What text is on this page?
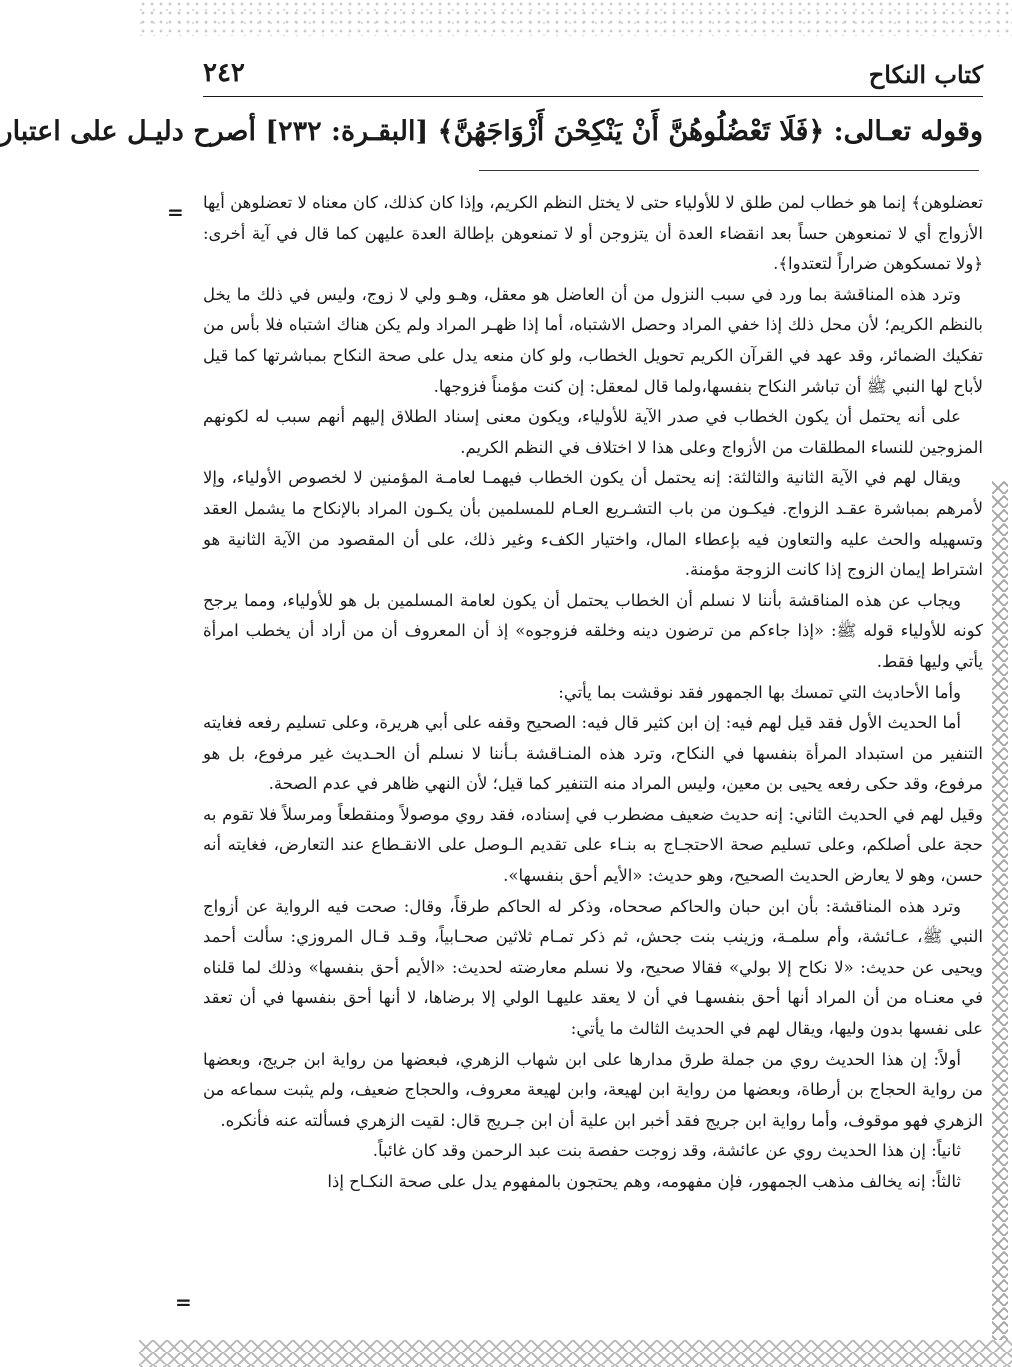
كتاب النكاح
٢٤٢
وقوله تعـالى: ﴿فَلَا تَعْضُلُوهُنَّ أَنْ يَنْكِحْنَ أَزْوَاجَهُنَّ﴾ [البقـرة: ٢٣٢] أصرح دليـل على اعتبار
=
=

تعضلوهن﴾ إنما هو خطاب لمن طلق لا للأولياء حتى لا يختل النظم الكريم، وإذا كان كذلك، كان معناه لا تعضلوهن أيها الأزواج أي لا تمنعوهن حساً بعد انقضاء العدة أن يتزوجن أو لا تمنعوهن بإطالة العدة عليهن كما قال في آية أخرى: ﴿ولا تمسكوهن ضراراً لتعتدوا﴾.

وترد هذه المناقشة بما ورد في سبب النزول من أن العاضل هو معقل، وهـو ولي لا زوج، وليس في ذلك ما يخل بالنظم الكريم؛ لأن محل ذلك إذا خفي المراد وحصل الاشتباه، أما إذا ظهـر المراد ولم يكن هناك اشتباه فلا بأس من تفكيك الضمائر، وقد عهد في القرآن الكريم تحويل الخطاب، ولو كان منعه يدل على صحة النكاح بمباشرتها كما قيل لأباح لها النبي ﷺ أن تباشر النكاح بنفسها،ولما قال لمعقل: إن كنت مؤمناً فزوجها.

على أنه يحتمل أن يكون الخطاب في صدر الآية للأولياء، ويكون معنى إسناد الطلاق إليهم أنهم سبب له لكونهم المزوجين للنساء المطلقات من الأزواج وعلى هذا لا اختلاف في النظم الكريم.

ويقال لهم في الآية الثانية والثالثة: إنه يحتمل أن يكون الخطاب فيهمـا لعامـة المؤمنين لا لخصوص الأولياء، وإلا لأمرهم بمباشرة عقـد الزواج. فيكـون من باب التشـريع العـام للمسلمين بأن يكـون المراد بالإنكاح ما يشمل العقد وتسهيله والحث عليه والتعاون فيه بإعطاء المال، واختيار الكفء وغير ذلك، على أن المقصود من الآية الثانية هو اشتراط إيمان الزوج إذا كانت الزوجة مؤمنة.

ويجاب عن هذه المناقشة بأننا لا نسلم أن الخطاب يحتمل أن يكون لعامة المسلمين بل هو للأولياء، ومما يرجح كونه للأولياء قوله ﷺ: «إذا جاءكم من ترضون دينه وخلقه فزوجوه» إذ أن المعروف أن من أراد أن يخطب امرأة يأتي وليها فقط.

وأما الأحاديث التي تمسك بها الجمهور فقد نوقشت بما يأتي:

أما الحديث الأول فقد قيل لهم فيه: إن ابن كثير قال فيه: الصحيح وقفه على أبي هريرة، وعلى تسليم رفعه فغايته التنفير من استبداد المرأة بنفسها في النكاح، وترد هذه المنـاقشة بـأننا لا نسلم أن الحـديث غير مرفوع، بل هو مرفوع، وقد حكى رفعه يحيى بن معين، وليس المراد منه التنفير كما قيل؛ لأن النهي ظاهر في عدم الصحة.

وقيل لهم في الحديث الثاني: إنه حديث ضعيف مضطرب في إسناده، فقد روي موصولاً ومنقطعاً ومرسلاً فلا تقوم به حجة على أصلكم، وعلى تسليم صحة الاحتجـاج به بنـاء على تقديم الـوصل على الانقـطاع عند التعارض، فغايته أنه حسن، وهو لا يعارض الحديث الصحيح، وهو حديث: «الأيم أحق بنفسها».

وترد هذه المناقشة: بأن ابن حبان والحاكم صححاه، وذكر له الحاكم طرقاً، وقال: صحت فيه الرواية عن أزواج النبي ﷺ، عـائشة، وأم سلمـة، وزينب بنت جحش، ثم ذكر تمـام ثلاثين صحـابياً، وقـد قـال المروزي: سألت أحمد ويحيى عن حديث: «لا نكاح إلا بولي» فقالا صحيح، ولا نسلم معارضته لحديث: «الأيم أحق بنفسها» وذلك لما قلناه في معنـاه من أن المراد أنها أحق بنفسهـا في أن لا يعقد عليهـا الولي إلا برضاها، لا أنها أحق بنفسها في أن تعقد على نفسها بدون وليها، ويقال لهم في الحديث الثالث ما يأتي:

أولاً: إن هذا الحديث روي من جملة طرق مدارها على ابن شهاب الزهري، فبعضها من رواية ابن جريج، وبعضها من رواية الحجاج بن أرطاة، وبعضها من رواية ابن لهيعة، وابن لهيعة معروف، والحجاج ضعيف، ولم يثبت سماعه من الزهري فهو موقوف، وأما رواية ابن جريج فقد أخبر ابن علية أن ابن جـريج قال: لقيت الزهري فسألته عنه فأنكره.

ثانياً: إن هذا الحديث روي عن عائشة، وقد زوجت حفصة بنت عبد الرحمن وقد كان غائباً.

ثالثاً: إنه يخالف مذهب الجمهور، فإن مفهومه، وهم يحتجون بالمفهوم يدل على صحة النكـاح إذا
